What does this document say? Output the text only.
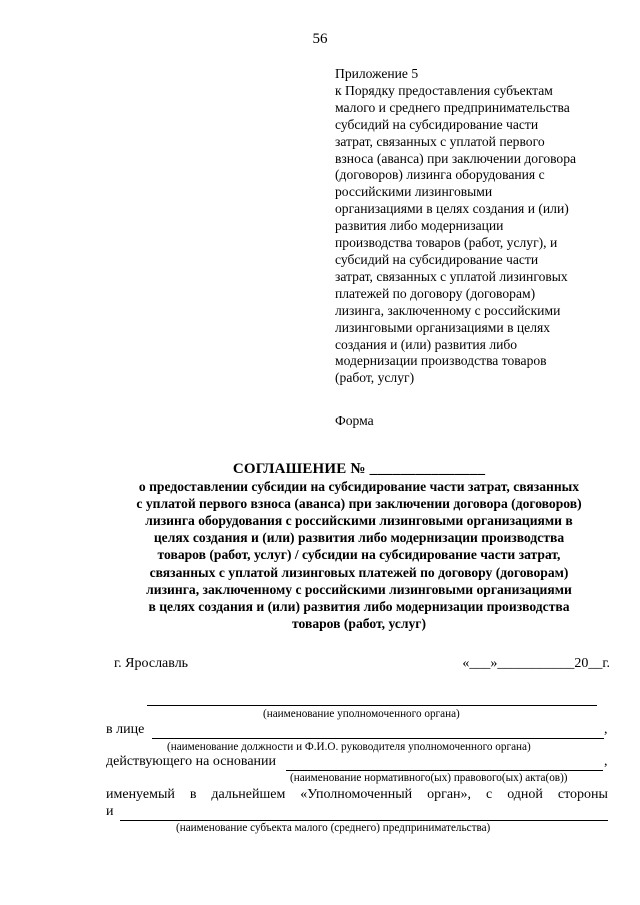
56
Приложение 5
к Порядку предоставления субъектам
малого и среднего предпринимательства
субсидий на субсидирование части
затрат, связанных с уплатой первого
взноса (аванса) при заключении договора
(договоров) лизинга оборудования с
российскими лизинговыми
организациями в целях создания и (или)
развития либо модернизации
производства товаров (работ, услуг), и
субсидий на субсидирование части
затрат, связанных с уплатой лизинговых
платежей по договору (договорам)
лизинга, заключенному с российскими
лизинговыми организациями в целях
создания и (или) развития либо
модернизации производства товаров
(работ, услуг)
Форма
СОГЛАШЕНИЕ № _______________
о предоставлении субсидии на субсидирование части затрат, связанных
с уплатой первого взноса (аванса) при заключении договора (договоров)
лизинга оборудования с российскими лизинговыми организациями в
целях создания и (или) развития либо модернизации производства
товаров (работ, услуг) / субсидии на субсидирование части затрат,
связанных с уплатой лизинговых платежей по договору (договорам)
лизинга, заключенному с российскими лизинговыми организациями
в целях создания и (или) развития либо модернизации производства
товаров (работ, услуг)
г. Ярославль	«___»___________20__г.
(наименование уполномоченного органа)
в лице	,
(наименование должности и Ф.И.О. руководителя уполномоченного органа)
действующего на основании	,
(наименование нормативного(ых) правового(ых) акта(ов))
именуемый в дальнейшем «Уполномоченный орган», с одной стороны
и
(наименование субъекта малого (среднего) предпринимательства)
